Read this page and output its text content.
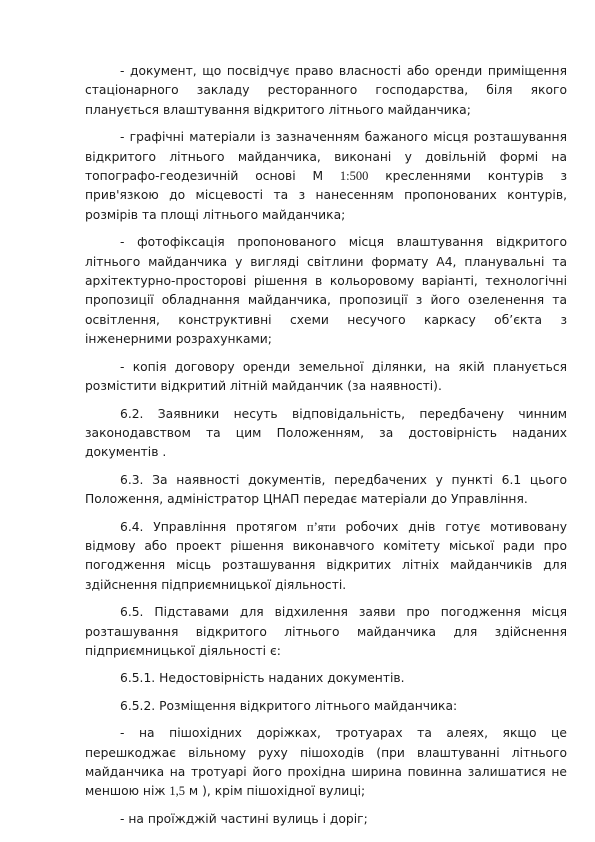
- документ, що посвідчує право власності або оренди приміщення стаціонарного закладу ресторанного господарства, біля якого планується влаштування відкритого літнього майданчика;

- графічні матеріали із зазначенням бажаного місця розташування відкритого літнього майданчика, виконані у довільній формі на топографо-геодезичній основі М 1:500 кресленнями контурів з прив'язкою до місцевості та з нанесенням пропонованих контурів, розмірів та площі літнього майданчика;

- фотофіксація пропонованого місця влаштування відкритого літнього майданчика у вигляді світлини формату А4, планувальні та архітектурно-просторові рішення в кольоровому варіанті, технологічні пропозиції обладнання майданчика, пропозиції з його озеленення та освітлення, конструктивні схеми несучого каркасу об’єкта з інженерними розрахунками;

- копія договору оренди земельної ділянки, на якій планується розмістити відкритий літній майданчик (за наявності).

6.2. Заявники несуть відповідальність, передбачену чинним законодавством та цим Положенням, за достовірність наданих документів .

6.3. За наявності документів, передбачених у пункті 6.1 цього Положення, адміністратор ЦНАП передає матеріали до Управління.

6.4. Управління протягом п’яти робочих днів готує мотивовану відмову або проект рішення виконавчого комітету міської ради про погодження місць розташування відкритих літніх майданчиків для здійснення підприємницької діяльності.

6.5. Підставами для відхилення заяви про погодження місця розташування відкритого літнього майданчика для здійснення підприємницької діяльності є:

6.5.1. Недостовірність наданих документів.

6.5.2. Розміщення відкритого літнього майданчика:

- на пішохідних доріжках, тротуарах та алеях, якщо це перешкоджає вільному руху пішоходів (при влаштуванні літнього майданчика на тротуарі його прохідна ширина повинна залишатися не меншою ніж 1,5 м ), крім пішохідної вулиці;

- на проїжджій частині вулиць і доріг;
